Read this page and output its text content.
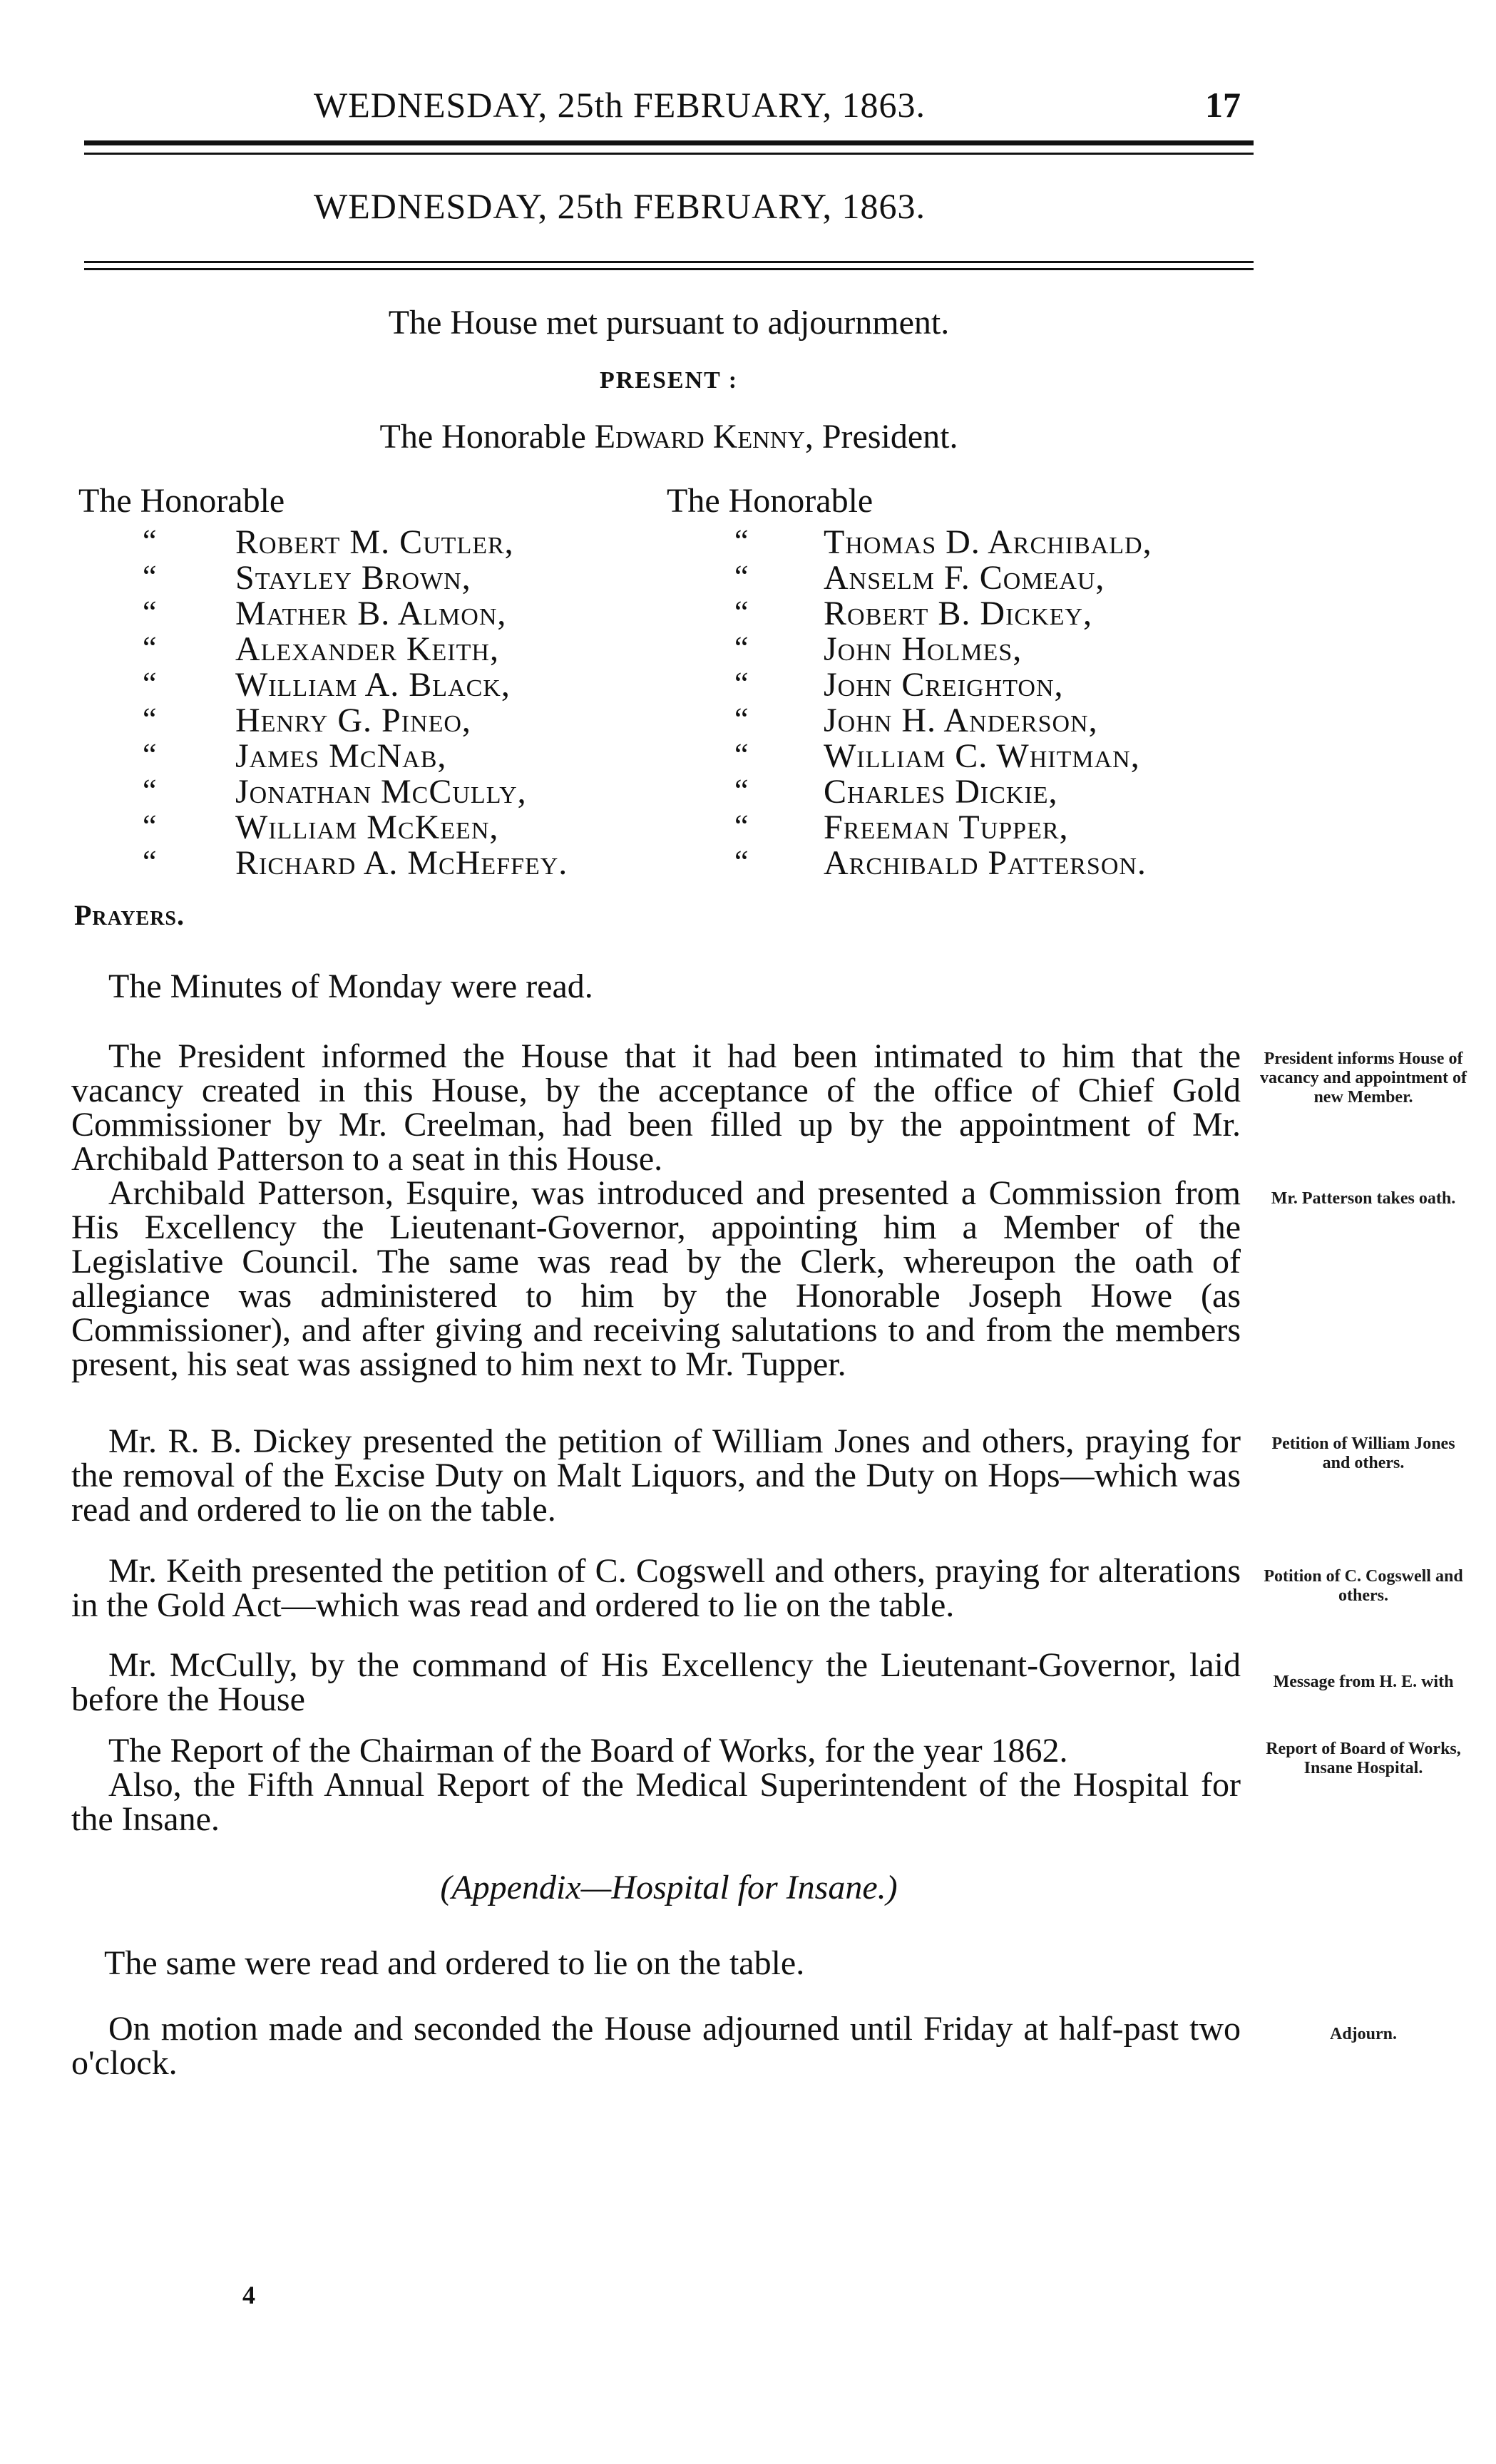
WEDNESDAY, 25th FEBRUARY, 1863.	17
WEDNESDAY, 25th FEBRUARY, 1863.
The House met pursuant to adjournment.
PRESENT :
The Honorable Edward Kenny, President.
The Honorable
“ Robert M. Cutler,
“ Stayley Brown,
“ Mather B. Almon,
“ Alexander Keith,
“ William A. Black,
“ Henry G. Pineo,
“ James McNab,
“ Jonathan McCully,
“ William McKeen,
“ Richard A. McHeffey.
The Honorable
“ Thomas D. Archibald,
“ Anselm F. Comeau,
“ Robert B. Dickey,
“ John Holmes,
“ John Creighton,
“ John H. Anderson,
“ William C. Whitman,
“ Charles Dickie,
“ Freeman Tupper,
“ Archibald Patterson.
Prayers.
The Minutes of Monday were read.
The President informed the House that it had been intimated to him that the vacancy created in this House, by the acceptance of the office of Chief Gold Commissioner by Mr. Creelman, had been filled up by the appointment of Mr. Archibald Patterson to a seat in this House.
Archibald Patterson, Esquire, was introduced and presented a Commission from His Excellency the Lieutenant-Governor, appointing him a Member of the Legislative Council. The same was read by the Clerk, whereupon the oath of allegiance was administered to him by the Honorable Joseph Howe (as Commissioner), and after giving and receiving salutations to and from the members present, his seat was assigned to him next to Mr. Tupper.
Mr. R. B. Dickey presented the petition of William Jones and others, praying for the removal of the Excise Duty on Malt Liquors, and the Duty on Hops—which was read and ordered to lie on the table.
Mr. Keith presented the petition of C. Cogswell and others, praying for alterations in the Gold Act—which was read and ordered to lie on the table.
Mr. McCully, by the command of His Excellency the Lieutenant-Governor, laid before the House
The Report of the Chairman of the Board of Works, for the year 1862.
Also, the Fifth Annual Report of the Medical Superintendent of the Hospital for the Insane.
(Appendix—Hospital for Insane.)
The same were read and ordered to lie on the table.
On motion made and seconded the House adjourned until Friday at half-past two o'clock.
President informs House of vacancy and appointment of new Member.
Mr. Patterson takes oath.
Petition of William Jones and others.
Potition of C. Cogswell and others.
Message from H. E. with
Report of Board of Works, Insane Hospital.
Adjourn.
4
